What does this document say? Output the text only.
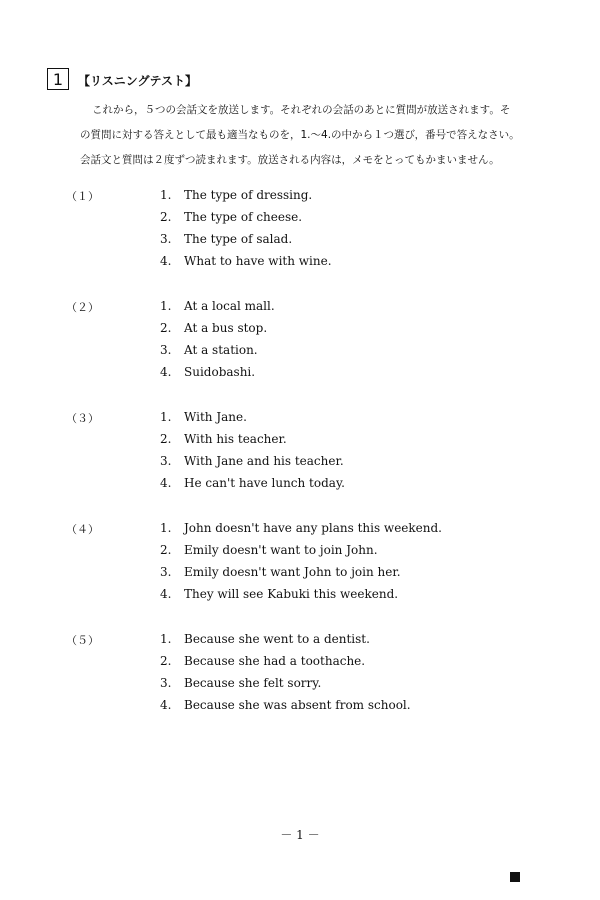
1 【リスニングテスト】
これから，５つの会話文を放送します。それぞれの会話のあとに質問が放送されます。そ
の質問に対する答えとして最も適当なものを，1.～4.の中から１つ選び，番号で答えなさい。
会話文と質問は２度ずつ読まれます。放送される内容は，メモをとってもかまいません。
（１）	1. The type of dressing.
2. The type of cheese.
3. The type of salad.
4. What to have with wine.
（２）	1. At a local mall.
2. At a bus stop.
3. At a station.
4. Suidobashi.
（３）	1. With Jane.
2. With his teacher.
3. With Jane and his teacher.
4. He can't have lunch today.
（４）	1. John doesn't have any plans this weekend.
2. Emily doesn't want to join John.
3. Emily doesn't want John to join her.
4. They will see Kabuki this weekend.
（５）	1. Because she went to a dentist.
2. Because she had a toothache.
3. Because she felt sorry.
4. Because she was absent from school.
－ 1 －
